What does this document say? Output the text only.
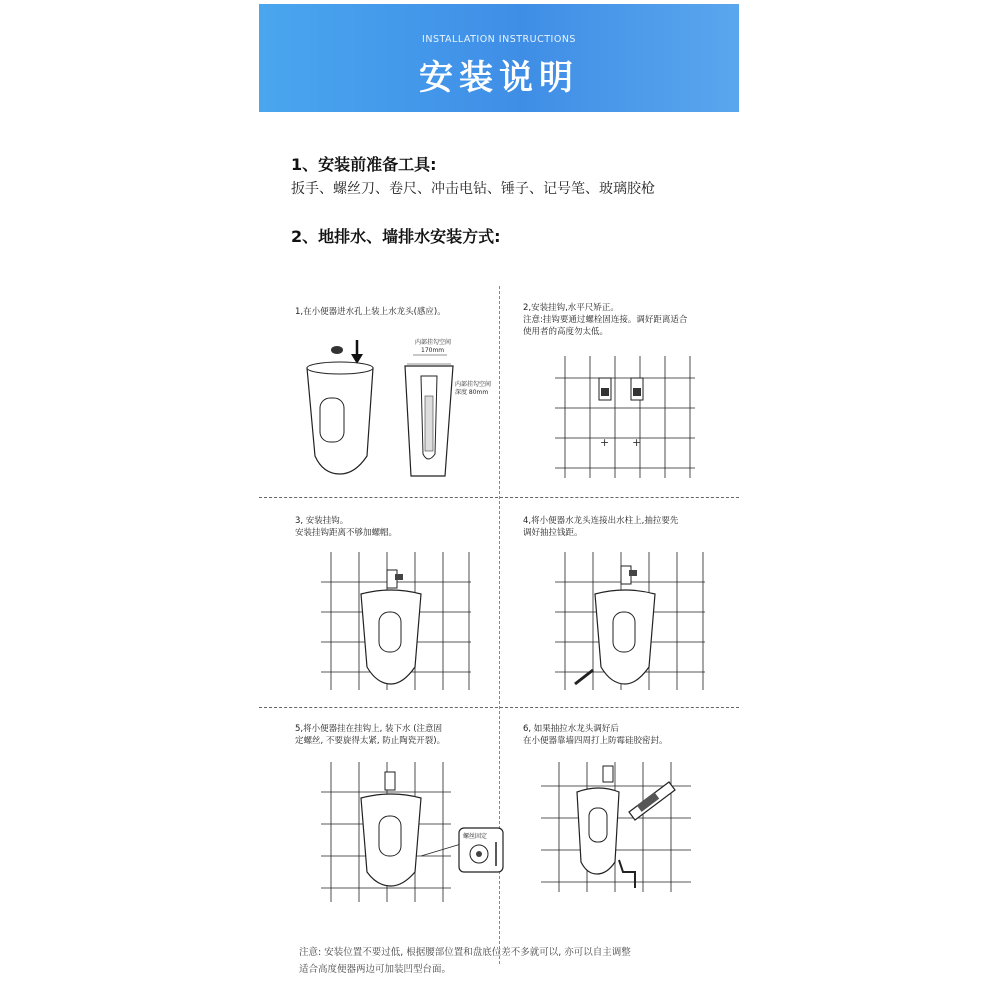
INSTALLATION INSTRUCTIONS
安装说明
1、安装前准备工具:
扳手、螺丝刀、卷尺、冲击电钻、锤子、记号笔、玻璃胶枪
2、地排水、墙排水安装方式:
1,在小便器进水孔上装上水龙头(感应)。
内部挂勾空间
170mm
内部挂勾空间
深度 80mm
2,安装挂钩,水平尺矫正。
注意:挂钩要通过螺栓固连接。调好距离适合
使用者的高度勿太低。
+ +
3, 安装挂钩。
安装挂钩距离不够加螺帽。
4,将小便器水龙头连接出水柱上,抽拉要先
调好抽拉钱距。
5,将小便器挂在挂钩上, 装下水 (注意固
定螺丝, 不要旋得太紧, 防止陶瓷开裂)。
螺丝固定
6, 如果抽拉水龙头调好后
在小便器靠墙四周打上防霉硅胶密封。
注意: 安装位置不要过低, 根据腰部位置和盘底位差不多就可以, 亦可以自主调整
适合高度便器两边可加装凹型台面。
